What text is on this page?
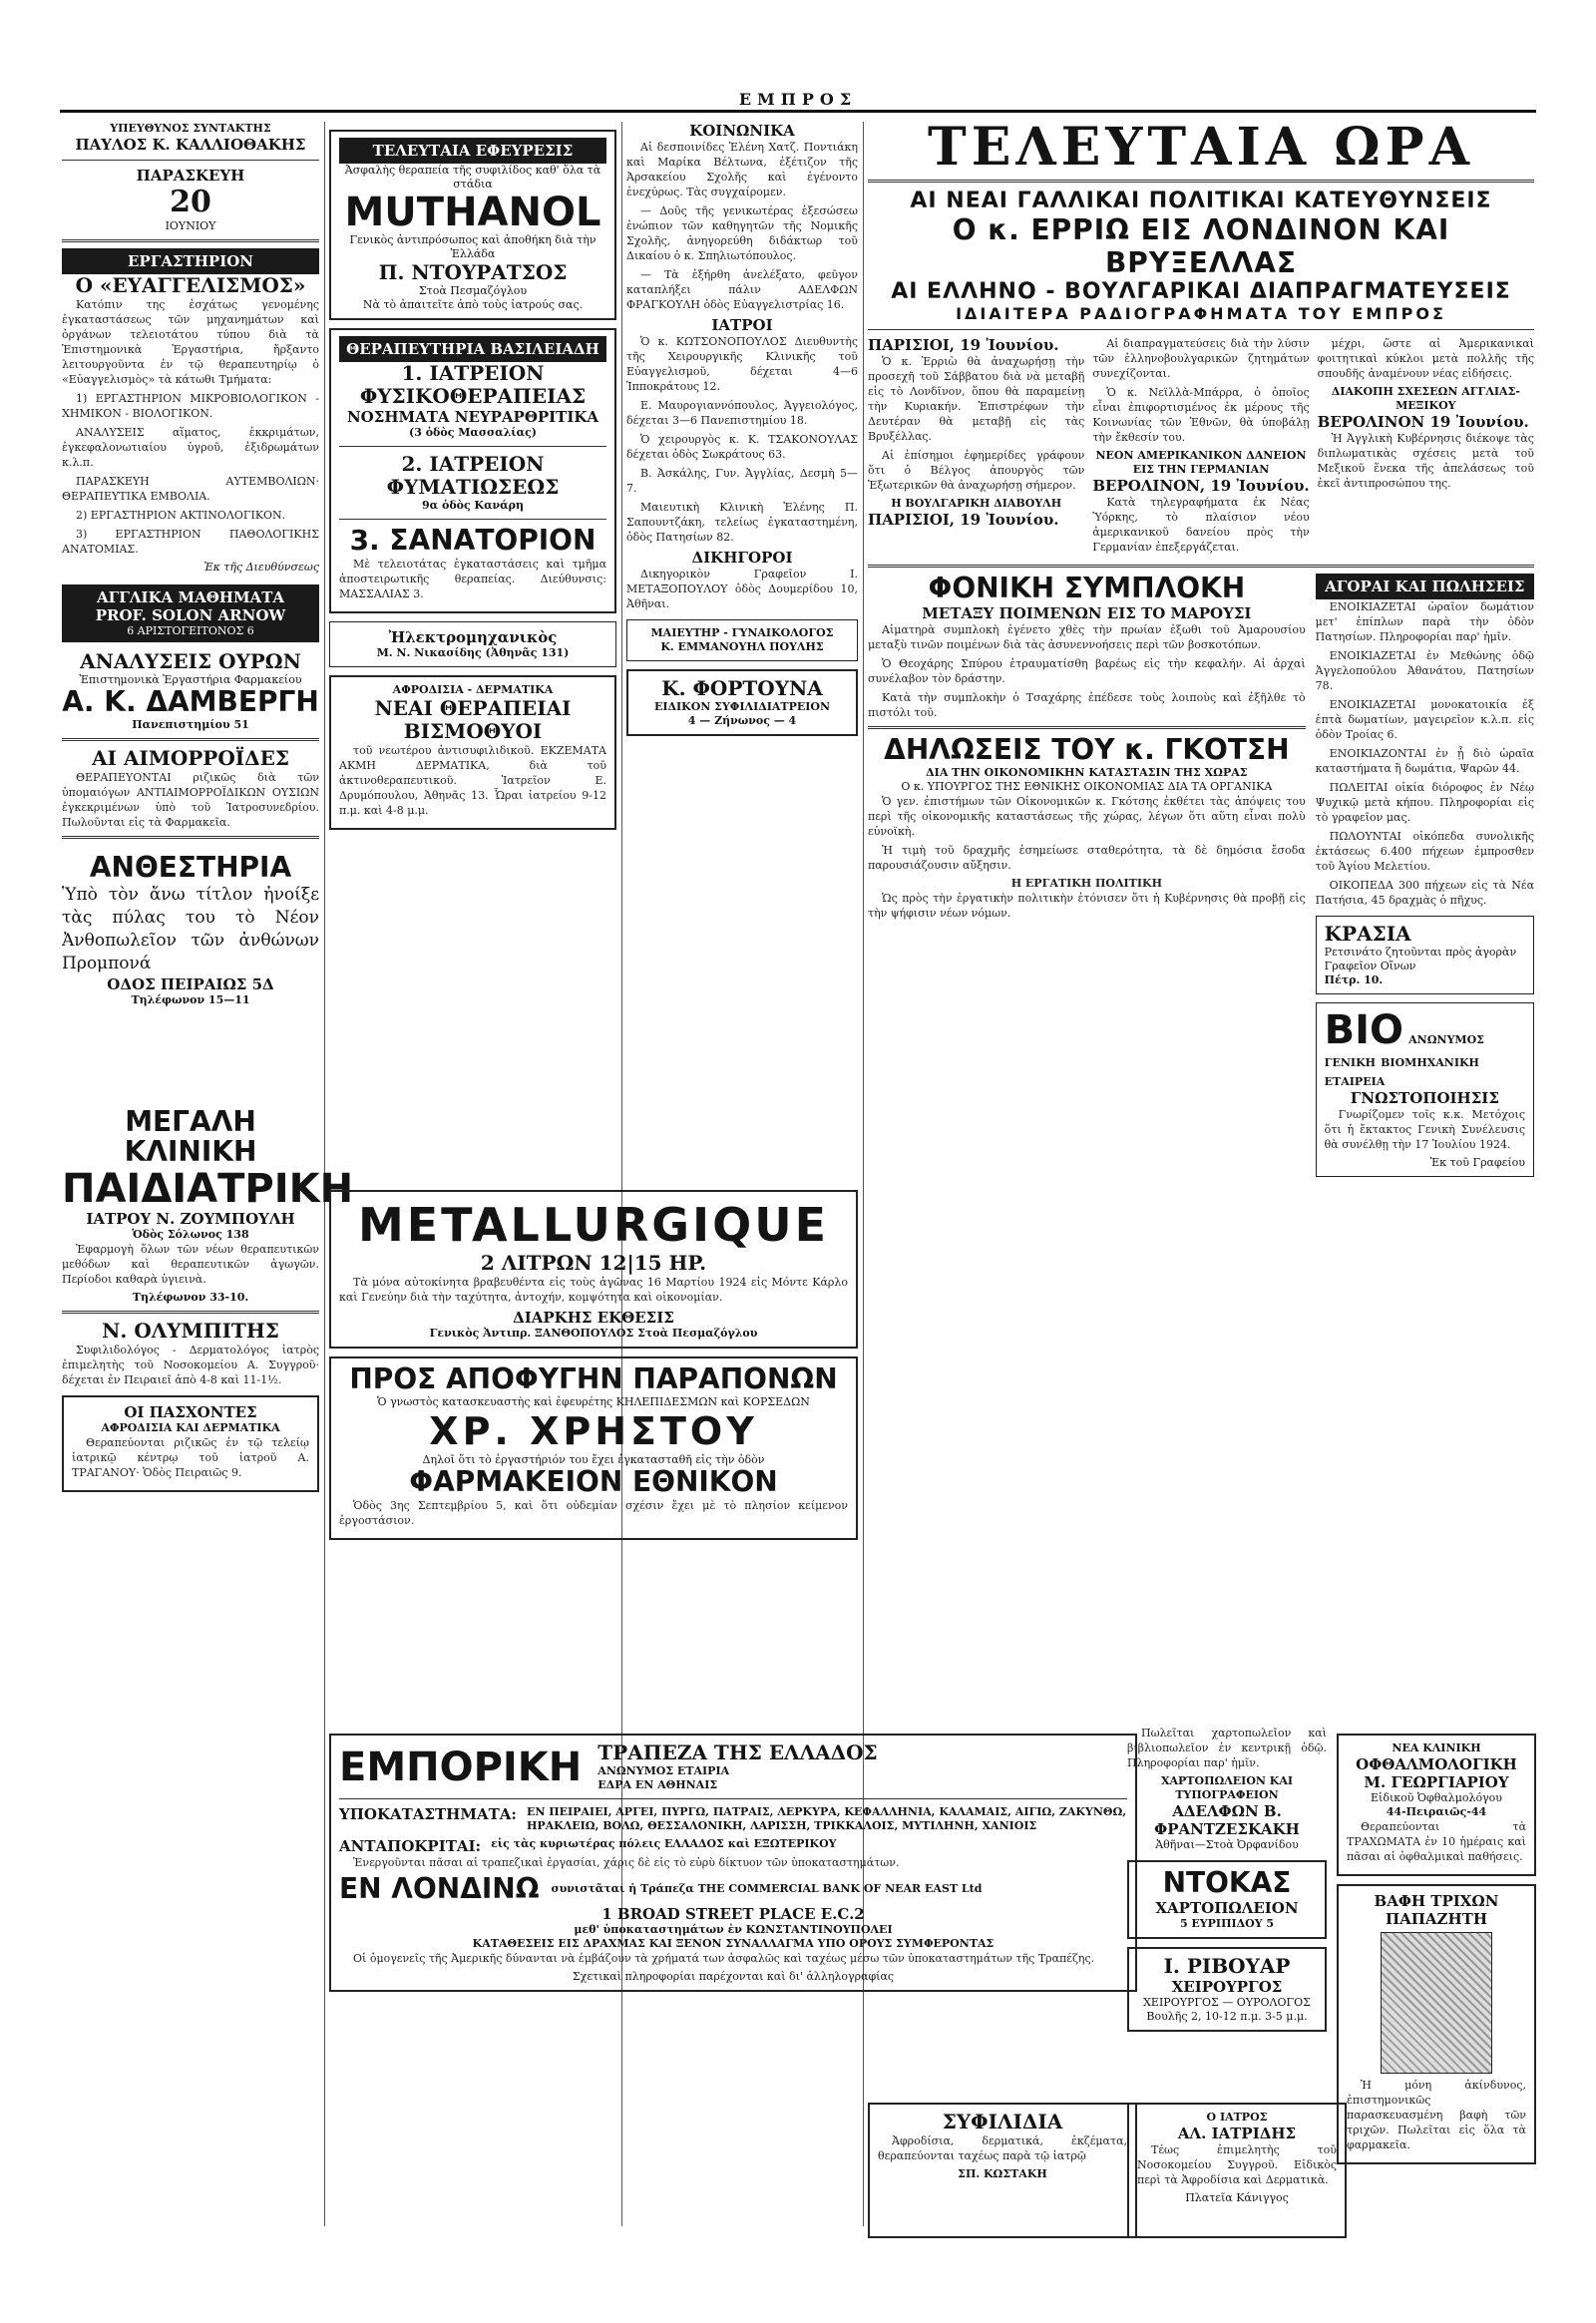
ΕΜΠΡΟΣ
ΥΠΕΥΘΥΝΟΣ ΣΥΝΤΑΚΤΗΣ
ΠΑΥΛΟΣ Κ. ΚΑΛΛΙΟΘΑΚΗΣ
ΠΑΡΑΣΚΕΥΗ
20
ΙΟΥΝΙΟΥ
ΕΡΓΑΣΤΗΡΙΟΝ
Ο «ΕΥΑΓΓΕΛΙΣΜΟΣ»

Κατόπιν της ἐσχάτως γενομένης ἐγκαταστάσεως τῶν μηχανημάτων καὶ ὀργάνων τελειοτάτου τύπου διὰ τὰ Ἐπιστημονικὰ Ἐργαστήρια, ἤρξαντο λειτουργοῦντα ἐν τῷ θεραπευτηρίῳ ὁ «Εὐαγγελισμὸς» τὰ κάτωθι Τμήματα:

1) ΕΡΓΑΣΤΗΡΙΟΝ ΜΙΚΡΟΒΙΟΛΟΓΙΚΟΝ - ΧΗΜΙΚΟΝ - ΒΙΟΛΟΓΙΚΟΝ.

ΑΝΑΛΥΣΕΙΣ αἵματος, ἐκκριμάτων, ἐγκεφαλονωτιαίου ὑγροῦ, ἐξιδρωμάτων κ.λ.π.

ΠΑΡΑΣΚΕΥΗ ΑΥΤΕΜΒΟΛΙΩΝ· ΘΕΡΑΠΕΥΤΙΚΑ ΕΜΒΟΛΙΑ.

2) ΕΡΓΑΣΤΗΡΙΟΝ ΑΚΤΙΝΟΛΟΓΙΚΟΝ.

3) ΕΡΓΑΣΤΗΡΙΟΝ ΠΑΘΟΛΟΓΙΚΗΣ ΑΝΑΤΟΜΙΑΣ.

Ἐκ τῆς Διευθύνσεως
ΑΓΓΛΙΚΑ ΜΑΘΗΜΑΤΑ
PROF. SOLON ARNOW
6 ΑΡΙΣΤΟΓΕΙΤΟΝΟΣ 6
ΑΝΑΛΥΣΕΙΣ ΟΥΡΩΝ
Ἐπιστημονικὰ Ἐργαστήρια Φαρμακείου
Α. Κ. ΔΑΜΒΕΡΓΗ
Πανεπιστημίου 51
ΑΙ ΑΙΜΟΡΡΟΪΔΕΣ

ΘΕΡΑΠΕΥΟΝΤΑΙ ριζικῶς διὰ τῶν ὑπομαιόγων ΑΝΤΙΑΙΜΟΡΡΟΪΔΙΚΩΝ ΟΥΣΙΩΝ ἐγκεκριμένων ὑπὸ τοῦ Ἰατροσυνεδρίου. Πωλοῦνται εἰς τὰ Φαρμακεῖα.

ΑΝΘΕΣΤΗΡΙΑ
Ὑπὸ τὸν ἄνω τίτλον ἠνοίξε τὰς πύλας του τὸ Νέον Ἀνθοπωλεῖον τῶν ἀνθώνων Προμπονά
ΟΔΟΣ ΠΕΙΡΑΙΩΣ 5Δ
Τηλέφωνον 15—11
ΜΕΓΑΛΗ ΚΛΙΝΙΚΗ
ΠΑΙΔΙΑΤΡΙΚΗ
ΙΑΤΡΟΥ Ν. ΖΟΥΜΠΟΥΛΗ
Ὁδὸς Σόλωνος 138

Ἐφαρμογὴ ὅλων τῶν νέων θεραπευτικῶν μεθόδων καὶ θεραπευτικῶν ἀγωγῶν. Περίοδοι καθαρὰ ὑγιεινὰ.

Τηλέφωνον 33-10.
Ν. ΟΛΥΜΠΙΤΗΣ

Συφιλιδολόγος - Δερματολόγος ἰατρὸς ἐπιμελητὴς τοῦ Νοσοκομείου Α. Συγγροῦ· δέχεται ἐν Πειραιεῖ ἀπὸ 4-8 καὶ 11-1½.

ΟΙ ΠΑΣΧΟΝΤΕΣ
ΑΦΡΟΔΙΣΙΑ ΚΑΙ ΔΕΡΜΑΤΙΚΑ

Θεραπεύονται ριζικῶς ἐν τῷ τελείῳ ἰατρικῷ κέντρῳ τοῦ ἰατροῦ Α. ΤΡΑΓΑΝΟΥ· Ὁδὸς Πειραιῶς 9.

ΤΕΛΕΥΤΑΙΑ ΕΦΕΥΡΕΣΙΣ
Ἀσφαλὴς θεραπεία τῆς συφιλίδος καθ' ὅλα τὰ στάδια
MUTHANOL
Γενικὸς ἀντιπρόσωπος καὶ ἀποθήκη διὰ τὴν Ἑλλάδα
Π. ΝΤΟΥΡΑΤΣΟΣ
Στοὰ Πεσμαζόγλου
Νὰ τὸ ἀπαιτεῖτε ἀπὸ τοὺς ἰατρούς σας.
ΘΕΡΑΠΕΥΤΗΡΙΑ ΒΑΣΙΛΕΙΑΔΗ
1. ΙΑΤΡΕΙΟΝ ΦΥΣΙΚΟΘΕΡΑΠΕΙΑΣ
ΝΟΣΗΜΑΤΑ ΝΕΥΡΑΡΘΡΙΤΙΚΑ
(3 ὁδὸς Μασσαλίας)
2. ΙΑΤΡΕΙΟΝ ΦΥΜΑΤΙΩΣΕΩΣ
9α ὁδὸς Κανάρη
3. ΣΑΝΑΤΟΡΙΟΝ

Μὲ τελειοτάτας ἐγκαταστάσεις καὶ τμῆμα ἀποστειρωτικῆς θεραπείας. Διεύθυνσις: ΜΑΣΣΑΛΙΑΣ 3.

Ἠλεκτρομηχανικὸς
Μ. Ν. Νικασίδης (Ἀθηνᾶς 131)
ΑΦΡΟΔΙΣΙΑ - ΔΕΡΜΑΤΙΚΑ
ΝΕΑΙ ΘΕΡΑΠΕΙΑΙ
ΒΙΣΜΟΘΥΟΙ

τοῦ νεωτέρου ἀντισυφιλιδικοῦ. ΕΚΖΕΜΑΤΑ ΑΚΜΗ ΔΕΡΜΑΤΙΚΑ, διὰ τοῦ ἀκτινοθεραπευτικοῦ. Ἰατρεῖον Ε. Δρυμόπουλου, Ἀθηνᾶς 13. Ὧραι ἰατρείου 9-12 π.μ. καὶ 4-8 μ.μ.

ΚΟΙΝΩΝΙΚΑ

Αἱ δεσποινίδες Ἑλένη Χατζ. Ποντιάκη καὶ Μαρίκα Βέλτωνα, ἐξέτιζον τῆς Ἀρσακείου Σχολῆς καὶ ἐγένοντο ἐνεχύρως. Τὰς συγχαίρομεν.

— Δοῦς τῆς γενικωτέρας ἐξεσώσεω ἐνώπιον τῶν καθηγητῶν τῆς Νομικῆς Σχολῆς, ἀνηγορεύθη διδάκτωρ τοῦ Δικαίου ὁ κ. Σπηλιωτόπουλος.

— Τὰ ἐξήρθη ἀνελέξατο, φεῦγον καταπλήξει πάλιν ΑΔΕΛΦΩΝ ΦΡΑΓΚΟΥΛΗ ὁδὸς Εὐαγγελιστρίας 16.

ΙΑΤΡΟΙ

Ὁ κ. ΚΩΤΣΟΝΟΠΟΥΛΟΣ Διευθυντὴς τῆς Χειρουργικῆς Κλινικῆς τοῦ Εὐαγγελισμοῦ, δέχεται 4—6 Ἱπποκράτους 12.

Ε. Μαυρογιαννόπουλος, Ἀγγειολόγος, δέχεται 3—6 Πανεπιστημίου 18.

Ὁ χειρουργὸς κ. Κ. ΤΣΑΚΟΝΟΥΛΑΣ δέχεται ὁδὸς Σωκράτους 63.

Β. Ἀσκάλης, Γυν. Ἀγγλίας, Δεσμὴ 5—7.

Μαιευτικὴ Κλινικὴ Ἑλένης Π. Σαπουντζάκη, τελείως ἐγκαταστημένη, ὁδὸς Πατησίων 82.

ΔΙΚΗΓΟΡΟΙ

Δικηγορικὸν Γραφεῖον Ι. ΜΕΤΑΞΟΠΟΥΛΟΥ ὁδὸς Δουμερίδου 10, Ἀθῆναι.

ΜΑΙΕΥΤΗΡ - ΓΥΝΑΙΚΟΛΟΓΟΣ
Κ. ΕΜΜΑΝΟΥΗΛ ΠΟΥΛΗΣ
Κ. ΦΟΡΤΟΥΝΑ
ΕΙΔΙΚΟΝ ΣΥΦΙΛΙΔΙΑΤΡΕΙΟΝ
4 — Ζήνωνος — 4
METALLURGIQUE
2 ΛΙΤΡΩΝ 12|15 HP.

Τὰ μόνα αὐτοκίνητα βραβευθέντα εἰς τοὺς ἀγῶνας 16 Μαρτίου 1924 εἰς Μόντε Κάρλο καὶ Γενεύην διὰ τὴν ταχύτητα, ἀντοχήν, κομψότητα καὶ οἰκονομίαν.

ΔΙΑΡΚΗΣ ΕΚΘΕΣΙΣ
Γενικὸς Ἀντιπρ. ΞΑΝΘΟΠΟΥΛΟΣ Στοὰ Πεσμαζόγλου
ΠΡΟΣ ΑΠΟΦΥΓΗΝ ΠΑΡΑΠΟΝΩΝ
Ὁ γνωστὸς κατασκευαστὴς καὶ ἐφευρέτης ΚΗΛΕΠΙΔΕΣΜΩΝ καὶ ΚΟΡΣΕΔΩΝ
ΧΡ. ΧΡΗΣΤΟΥ
Δηλοῖ ὅτι τὸ ἐργαστήριόν του ἔχει ἐγκατασταθῆ εἰς τὴν ὁδὸν
ΦΑΡΜΑΚΕΙΟΝ ΕΘΝΙΚΟΝ

Ὁδὸς 3ης Σεπτεμβρίου 5, καὶ ὅτι οὐδεμίαν σχέσιν ἔχει μὲ τὸ πλησίον κείμενον ἐργοστάσιον.

ΤΕΛΕΥΤΑΙΑ ΩΡΑ
ΑΙ ΝΕΑΙ ΓΑΛΛΙΚΑΙ ΠΟΛΙΤΙΚΑΙ ΚΑΤΕΥΘΥΝΣΕΙΣ
Ο κ. ΕΡΡΙΩ ΕΙΣ ΛΟΝΔΙΝΟΝ ΚΑΙ ΒΡΥΞΕΛΛΑΣ
ΑΙ ΕΛΛΗΝΟ - ΒΟΥΛΓΑΡΙΚΑΙ ΔΙΑΠΡΑΓΜΑΤΕΥΣΕΙΣ
ΙΔΙΑΙΤΕΡΑ ΡΑΔΙΟΓΡΑΦΗΜΑΤΑ ΤΟΥ ΕΜΠΡΟΣ
ΠΑΡΙΣΙΟΙ, 19 Ἰουνίου.

Ὁ κ. Ἐρριὼ θὰ ἀναχωρήσῃ τὴν προσεχῆ τοῦ Σάββατου διὰ νὰ μεταβῇ εἰς τὸ Λονδῖνον, ὅπου θὰ παραμείνῃ τὴν Κυριακήν. Ἐπιστρέφων τὴν Δευτέραν θὰ μεταβῇ εἰς τὰς Βρυξέλλας.

Αἱ ἐπίσημοι ἐφημερίδες γράφουν ὅτι ὁ Βέλγος ἀπουργὸς τῶν Ἐξωτερικῶν θὰ ἀναχωρήσῃ σήμερον.

Η ΒΟΥΛΓΑΡΙΚΗ ΔΙΑΒΟΥΛΗ
ΠΑΡΙΣΙΟΙ, 19 Ἰουνίου.

Αἱ διαπραγματεύσεις διὰ τὴν λύσιν τῶν ἑλληνοβουλγαρικῶν ζητημάτων συνεχίζονται.

Ὁ κ. Νεϊλλὰ-Μπάρρα, ὁ ὁποῖος εἶναι ἐπιφορτισμένος ἐκ μέρους τῆς Κοινωνίας τῶν Ἐθνῶν, θὰ ὑποβάλῃ τὴν ἔκθεσίν του.

ΝΕΟΝ ΑΜΕΡΙΚΑΝΙΚΟΝ ΔΑΝΕΙΟΝ ΕΙΣ ΤΗΝ ΓΕΡΜΑΝΙΑΝ
ΒΕΡΟΛΙΝΟΝ, 19 Ἰουνίου.

Κατὰ τηλεγραφήματα ἐκ Νέας Ὑόρκης, τὸ πλαίσιον νέου ἀμερικανικοῦ δανείου πρὸς τὴν Γερμανίαν ἐπεξεργάζεται.

μέχρι, ὥστε αἱ Ἀμερικανικαὶ φοιτητικαὶ κύκλοι μετὰ πολλῆς τῆς σπουδῆς ἀναμένουν νέας εἰδήσεις.

ΔΙΑΚΟΠΗ ΣΧΕΣΕΩΝ ΑΓΓΛΙΑΣ-ΜΕΞΙΚΟΥ
ΒΕΡΟΛΙΝΟΝ 19 Ἰουνίου.

Ἡ Ἀγγλικὴ Κυβέρνησις διέκοψε τὰς διπλωματικὰς σχέσεις μετὰ τοῦ Μεξικοῦ ἕνεκα τῆς ἀπελάσεως τοῦ ἐκεῖ ἀντιπροσώπου της.

ΦΟΝΙΚΗ ΣΥΜΠΛΟΚΗ
ΜΕΤΑΞΥ ΠΟΙΜΕΝΩΝ ΕΙΣ ΤΟ ΜΑΡΟΥΣΙ

Αἱματηρὰ συμπλοκὴ ἐγένετο χθὲς τὴν πρωίαν ἐξωθι τοῦ Ἀμαρουσίου μεταξὺ τινῶν ποιμένων διὰ τὰς ἀσυνεννοήσεις περὶ τῶν βοσκοτόπων.

Ὁ Θεοχάρης Σπύρου ἐτραυματίσθη βαρέως εἰς τὴν κεφαλήν. Αἱ ἀρχαὶ συνέλαβον τὸν δράστην.

Κατὰ τὴν συμπλοκὴν ὁ Τσαχάρης ἐπέδεσε τοὺς λοιποὺς καὶ ἐξῆλθε τὸ πιστόλι τοῦ.

ΔΗΛΩΣΕΙΣ ΤΟΥ κ. ΓΚΟΤΣΗ
ΔΙΑ ΤΗΝ ΟΙΚΟΝΟΜΙΚΗΝ ΚΑΤΑΣΤΑΣΙΝ ΤΗΣ ΧΩΡΑΣ
Ο κ. ΥΠΟΥΡΓΟΣ ΤΗΣ ΕΘΝΙΚΗΣ ΟΙΚΟΝΟΜΙΑΣ ΔΙΑ ΤΑ ΟΡΓΑΝΙΚΑ

Ὁ γεν. ἐπιστήμων τῶν Οἰκονομικῶν κ. Γκότσης ἐκθέτει τὰς ἀπόψεις του περὶ τῆς οἰκονομικῆς καταστάσεως τῆς χώρας, λέγων ὅτι αὕτη εἶναι πολὺ εὐνοϊκὴ.

Ἡ τιμὴ τοῦ δραχμῆς ἐσημείωσε σταθερότητα, τὰ δὲ δημόσια ἔσοδα παρουσιάζουσιν αὔξησιν.

Η ΕΡΓΑΤΙΚΗ ΠΟΛΙΤΙΚΗ

Ὡς πρὸς τὴν ἐργατικὴν πολιτικὴν ἐτόνισεν ὅτι ἡ Κυβέρνησις θὰ προβῇ εἰς τὴν ψήφισιν νέων νόμων.

ΑΓΟΡΑΙ ΚΑΙ ΠΩΛΗΣΕΙΣ

ΕΝΟΙΚΙΑΖΕΤΑΙ ὡραῖον δωμάτιον μετ' ἐπίπλων παρὰ τὴν ὁδὸν Πατησίων. Πληροφορίαι παρ' ἡμῖν.

ΕΝΟΙΚΙΑΖΕΤΑΙ ἐν Μεθώνης ὁδῷ Ἀγγελοπούλου Ἀθανάτου, Πατησίων 78.

ΕΝΟΙΚΙΑΖΕΤΑΙ μονοκατοικία ἐξ ἐπτὰ δωματίων, μαγειρεῖον κ.λ.π. εἰς ὁδὸν Τροίας 6.

ΕΝΟΙΚΙΑΖΟΝΤΑΙ ἐν ᾗ διὸ ὡραῖα καταστήματα ἢ δωμάτια, Ψαρῶν 44.

ΠΩΛΕΙΤΑΙ οἰκία διόροφος ἐν Νέῳ Ψυχικῷ μετὰ κήπου. Πληροφορίαι εἰς τὸ γραφεῖον μας.

ΠΩΛΟΥΝΤΑΙ οἰκόπεδα συνολικῆς ἐκτάσεως 6.400 πήχεων ἐμπροσθεν τοῦ Ἁγίου Μελετίου.

ΟΙΚΟΠΕΔΑ 300 πήχεων εἰς τὰ Νέα Πατήσια, 45 δραχμὰς ὁ πῆχυς.

ΚΡΑΣΙΑ
Ρετσινάτο ζητοῦνται πρὸς ἀγορὰν Γραφεῖον Οἴνων
Πέτρ. 10.
ΒΙΟ ΑΝΩΝΥΜΟΣ ΓΕΝΙΚΗ ΒΙΟΜΗΧΑΝΙΚΗ ΕΤΑΙΡΕΙΑ
ΓΝΩΣΤΟΠΟΙΗΣΙΣ

Γνωρίζομεν τοῖς κ.κ. Μετόχοις ὅτι ἡ ἔκτακτος Γενικὴ Συνέλευσις θὰ συνέλθῃ τὴν 17 Ἰουλίου 1924.

Ἐκ τοῦ Γραφείου
ΕΜΠΟΡΙΚΗ ΤΡΑΠΕΖΑ ΤΗΣ ΕΛΛΑΔΟΣ
ΑΝΩΝΥΜΟΣ ΕΤΑΙΡΙΑ
ΕΔΡΑ ΕΝ ΑΘΗΝΑΙΣ
ΥΠΟΚΑΤΑΣΤΗΜΑΤΑ: ΕΝ ΠΕΙΡΑΙΕΙ, ΑΡΓΕΙ, ΠΥΡΓΩ, ΠΑΤΡΑΙΣ, ΛΕΡΚΥΡΑ, ΚΕΦΑΛΛΗΝΙΑ, ΚΑΛΑΜΑΙΣ, ΑΙΓΙΩ, ΖΑΚΥΝΘΩ, ΗΡΑΚΛΕΙΩ, ΒΟΛΩ, ΘΕΣΣΑΛΟΝΙΚΗ, ΛΑΡΙΣΣΗ, ΤΡΙΚΚΑΛΟΙΣ, ΜΥΤΙΛΗΝΗ, ΧΑΝΙΟΙΣ
ΑΝΤΑΠΟΚΡΙΤΑΙ: εἰς τὰς κυριωτέρας πόλεις ΕΛΛΑΔΟΣ καὶ ΕΞΩΤΕΡΙΚΟΥ

Ἐνεργοῦνται πᾶσαι αἱ τραπεζικαὶ ἐργασίαι, χάρις δὲ εἰς τὸ εὐρὺ δίκτυον τῶν ὑποκαταστημάτων.

ΕΝ ΛΟΝΔΙΝΩ συνιστᾶται ἡ Τράπεζα THE COMMERCIAL BANK OF NEAR EAST Ltd
1 BROAD STREET PLACE E.C.2
μεθ' ὑποκαταστημάτων ἐν ΚΩΝΣΤΑΝΤΙΝΟΥΠΟΛΕΙ
ΚΑΤΑΘΕΣΕΙΣ ΕΙΣ ΔΡΑΧΜΑΣ ΚΑΙ ΞΕΝΟΝ ΣΥΝΑΛΛΑΓΜΑ ΥΠΟ ΟΡΟΥΣ ΣΥΜΦΕΡΟΝΤΑΣ

Οἱ ὁμογενεῖς τῆς Ἀμερικῆς δύνανται νὰ ἐμβάζουν τὰ χρήματά των ἀσφαλῶς καὶ ταχέως μέσω τῶν ὑποκαταστημάτων τῆς Τραπέζης.

Σχετικαὶ πληροφορίαι παρέχονται καὶ δι' ἀλληλογραφίας

Πωλεῖται χαρτοπωλεῖον καὶ βιβλιοπωλεῖον ἐν κεντρικῇ ὁδῷ. Πληροφορίαι παρ' ἡμῖν.

ΧΑΡΤΟΠΩΛΕΙΟΝ ΚΑΙ ΤΥΠΟΓΡΑΦΕΙΟΝ
ΑΔΕΛΦΩΝ Β. ΦΡΑΝΤΖΕΣΚΑΚΗ
Ἀθῆναι—Στοὰ Ὀρφανίδου
ΝΤΟΚΑΣ
ΧΑΡΤΟΠΩΛΕΙΟΝ
5 ΕΥΡΙΠΙΔΟΥ 5
Ι. ΡΙΒΟΥΑΡ
ΧΕΙΡΟΥΡΓΟΣ
ΧΕΙΡΟΥΡΓΟΣ — ΟΥΡΟΛΟΓΟΣ
Βουλῆς 2, 10-12 π.μ. 3-5 μ.μ.
ΝΕΑ ΚΛΙΝΙΚΗ
ΟΦΘΑΛΜΟΛΟΓΙΚΗ
Μ. ΓΕΩΡΓΙΑΡΙΟΥ
Εἰδικοῦ Ὀφθαλμολόγου
44-Πειραιῶς-44

Θεραπεύονται τὰ ΤΡΑΧΩΜΑΤΑ ἐν 10 ἡμέραις καὶ πᾶσαι αἱ ὀφθαλμικαὶ παθήσεις.

ΒΑΦΗ ΤΡΙΧΩΝ
ΠΑΠΑΖΗΤΗ

Ἡ μόνη ἀκίνδυνος, ἐπιστημονικῶς παρασκευασμένη βαφὴ τῶν τριχῶν. Πωλεῖται εἰς ὅλα τὰ φαρμακεῖα.

ΣΥΦΙΛΙΔΙΑ

Ἀφροδίσια, δερματικά, ἐκζέματα, θεραπεύονται ταχέως παρὰ τῷ ἰατρῷ

ΣΠ. ΚΩΣΤΑΚΗ
Ο ΙΑΤΡΟΣ
ΑΛ. ΙΑΤΡΙΔΗΣ

Τέως ἐπιμελητὴς τοῦ Νοσοκομείου Συγγροῦ. Εἰδικὸς περὶ τὰ Ἀφροδίσια καὶ Δερματικὰ.

Πλατεῖα Κάνιγγος
